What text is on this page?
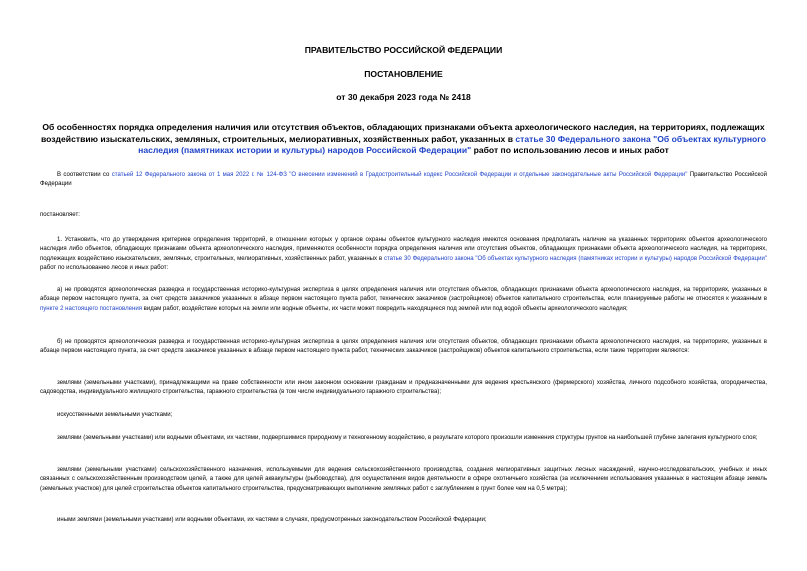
ПРАВИТЕЛЬСТВО РОССИЙСКОЙ ФЕДЕРАЦИИ
ПОСТАНОВЛЕНИЕ
от 30 декабря 2023 года № 2418
Об особенностях порядка определения наличия или отсутствия объектов, обладающих признаками объекта археологического наследия, на территориях, подлежащих воздействию изыскательских, земляных, строительных, мелиоративных, хозяйственных работ, указанных в статье 30 Федерального закона "Об объектах культурного наследия (памятниках истории и культуры) народов Российской Федерации" работ по использованию лесов и иных работ
В соответствии со статьей 12 Федерального закона от 1 мая 2022 г. № 124-ФЗ "О внесении изменений в Градостроительный кодекс Российской Федерации и отдельные законодательные акты Российской Федерации" Правительство Российской Федерации
постановляет:
1. Установить, что до утверждения критериев определения территорий, в отношении которых у органов охраны объектов культурного наследия имеются основания предполагать наличие на указанных территориях объектов археологического наследия либо объектов, обладающих признаками объекта археологического наследия, применяются особенности порядка определения наличия или отсутствия объектов, обладающих признаками объекта археологического наследия, на территориях, подлежащих воздействию изыскательских, земляных, строительных, мелиоративных, хозяйственных работ, указанных в статье 30 Федерального закона "Об объектах культурного наследия (памятниках истории и культуры) народов Российской Федерации" работ по использованию лесов и иных работ:
а) не проводятся археологическая разведка и государственная историко-культурная экспертиза в целях определения наличия или отсутствия объектов, обладающих признаками объекта археологического наследия, на территориях, указанных в абзаце первом настоящего пункта, за счет средств заказчиков указанных в абзаце первом настоящего пункта работ, технических заказчиков (застройщиков) объектов капитального строительства, если планируемые работы не относятся к указанным в пункте 2 настоящего постановления видам работ, воздействие которых на земли или водные объекты, их части может повредить находящиеся под землей или под водой объекты археологического наследия;
б) не проводятся археологическая разведка и государственная историко-культурная экспертиза в целях определения наличия или отсутствия объектов, обладающих признаками объекта археологического наследия, на территориях, указанных в абзаце первом настоящего пункта, за счет средств заказчиков указанных в абзаце первом настоящего пункта работ, технических заказчиков (застройщиков) объектов капитального строительства, если такие территории являются:
землями (земельными участками), принадлежащими на праве собственности или ином законном основании гражданам и предназначенными для ведения крестьянского (фермерского) хозяйства, личного подсобного хозяйства, огородничества, садоводства, индивидуального жилищного строительства, гаражного строительства (в том числе индивидуального гаражного строительства);
искусственными земельными участками;
землями (земельными участками) или водными объектами, их частями, подвергшимися природному и техногенному воздействию, в результате которого произошли изменения структуры грунтов на наибольшей глубине залегания культурного слоя;
землями (земельными участками) сельскохозяйственного назначения, используемыми для ведения сельскохозяйственного производства, создания мелиоративных защитных лесных насаждений, научно-исследовательских, учебных и иных связанных с сельскохозяйственным производством целей, а также для целей аквакультуры (рыбоводства), для осуществления видов деятельности в сфере охотничьего хозяйства (за исключением использования указанных в настоящем абзаце земель (земельных участков) для целей строительства объектов капитального строительства, предусматривающих выполнение земляных работ с заглублением в грунт более чем на 0,5 метра);
иными землями (земельными участками) или водными объектами, их частями в случаях, предусмотренных законодательством Российской Федерации;
